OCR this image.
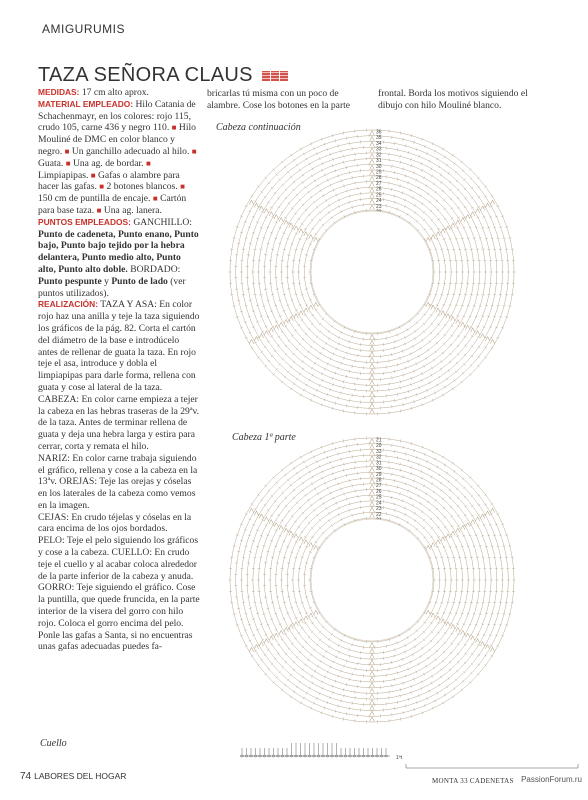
AMIGURUMIS
TAZA SEÑORA CLAUS

MEDIDAS: 17 cm alto aprox.

MATERIAL EMPLEADO: Hilo Catania de Schachenmayr, en los colores: rojo 115, crudo 105, carne 436 y negro 110. ■ Hilo Mouliné de DMC en color blanco y negro. ■ Un ganchillo adecuado al hilo. ■ Guata. ■ Una ag. de bordar. ■ Limpiapipas. ■ Gafas o alambre para hacer las gafas. ■ 2 botones blancos. ■ 150 cm de puntilla de encaje. ■ Cartón para base taza. ■ Una ag. lanera.

PUNTOS EMPLEADOS: GANCHILLO: Punto de cadeneta, Punto enano, Punto bajo, Punto bajo tejido por la hebra delantera, Punto medio alto, Punto alto, Punto alto doble. BORDADO: Punto pespunte y Punto de lado (ver puntos utilizados).

REALIZACIÓN: TAZA Y ASA: En color rojo haz una anilla y teje la taza siguiendo los gráficos de la pág. 82. Corta el cartón del diámetro de la base e introdúcelo antes de rellenar de guata la taza. En rojo teje el asa, introduce y dobla el limpiapipas para darle forma, rellena con guata y cose al lateral de la taza.

CABEZA: En color carne empieza a tejer la cabeza en las hebras traseras de la 29ªv. de la taza. Antes de terminar rellena de guata y deja una hebra larga y estira para cerrar, corta y remata el hilo.

NARIZ: En color carne trabaja siguiendo el gráfico, rellena y cose a la cabeza en la 13ªv. OREJAS: Teje las orejas y cóselas en los laterales de la cabeza como vemos en la imagen.

CEJAS: En crudo téjelas y cóselas en la cara encima de los ojos bordados.

PELO: Teje el pelo siguiendo los gráficos y cose a la cabeza. CUELLO: En crudo teje el cuello y al acabar coloca alrededor de la parte inferior de la cabeza y anuda. GORRO: Teje siguiendo el gráfico. Cose la puntilla, que quede fruncida, en la parte interior de la visera del gorro con hilo rojo. Coloca el gorro encima del pelo. Ponle las gafas a Santa, si no encuentras unas gafas adecuadas puedes fa-

bricarlas tú misma con un poco de alambre. Cose los botones en la parte
frontal. Borda los motivos siguiendo el dibujo con hilo Mouliné blanco.
Cabeza continuación	36
35
34
33
32
31
30
29
28
27
26
25
24
23
Cabeza 1ª parte	21
20
33
32
31
30
29
28
27
26
25
24
23
22
Cuello
1ªt
MONTA 33 CADENETAS
74 LABORES DEL HOGAR	PassionForum.ru
